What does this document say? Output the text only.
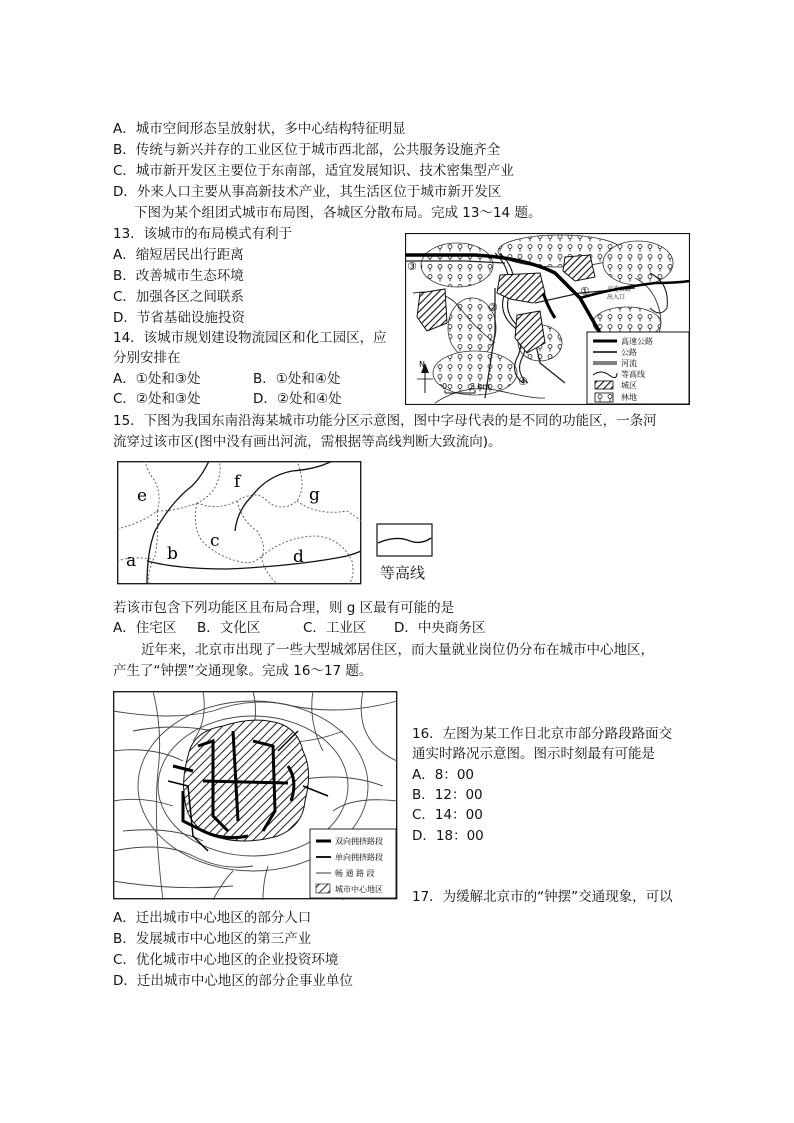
A．城市空间形态呈放射状，多中心结构特征明显
B．传统与新兴并存的工业区位于城市西北部，公共服务设施齐全
C．城市新开发区主要位于东南部，适宜发展知识、技术密集型产业
D．外来人口主要从事高新技术产业，其生活区位于城市新开发区
下图为某个组团式城市布局图，各城区分散布局。完成 13～14 题。
13．该城市的布局模式有利于
A．缩短居民出行距离
B．改善城市生态环境
C．加强各区之间联系
D．节省基础设施投资
14．该城市规划建设物流园区和化工园区，应
分别安排在
A．①处和③处	B．①处和④处
C．②处和③处	D．②处和④处
①
②
③
④
高速公路
出入口
N
0	3 km
高速公路
公路
河流
等高线
城区
林地
15．下图为我国东南沿海某城市功能分区示意图，图中字母代表的是不同的功能区，一条河
流穿过该市区(图中没有画出河流，需根据等高线判断大致流向)。
a b
c
d
e
f
g
等高线
若该市包含下列功能区且布局合理，则 g 区最有可能的是
A．住宅区 B．文化区	C．工业区 D．中央商务区
近年来，北京市出现了一些大型城郊居住区，而大量就业岗位仍分布在城市中心地区，
产生了“钟摆”交通现象。完成 16～17 题。
双向拥挤路段
单向拥挤路段
畅 通 路 段
城市中心地区
16．左图为某工作日北京市部分路段路面交
通实时路况示意图。图示时刻最有可能是
A．8：00
B．12：00
C．14：00
D．18：00
17．为缓解北京市的“钟摆”交通现象，可以
A．迁出城市中心地区的部分人口
B．发展城市中心地区的第三产业
C．优化城市中心地区的企业投资环境
D．迁出城市中心地区的部分企事业单位
